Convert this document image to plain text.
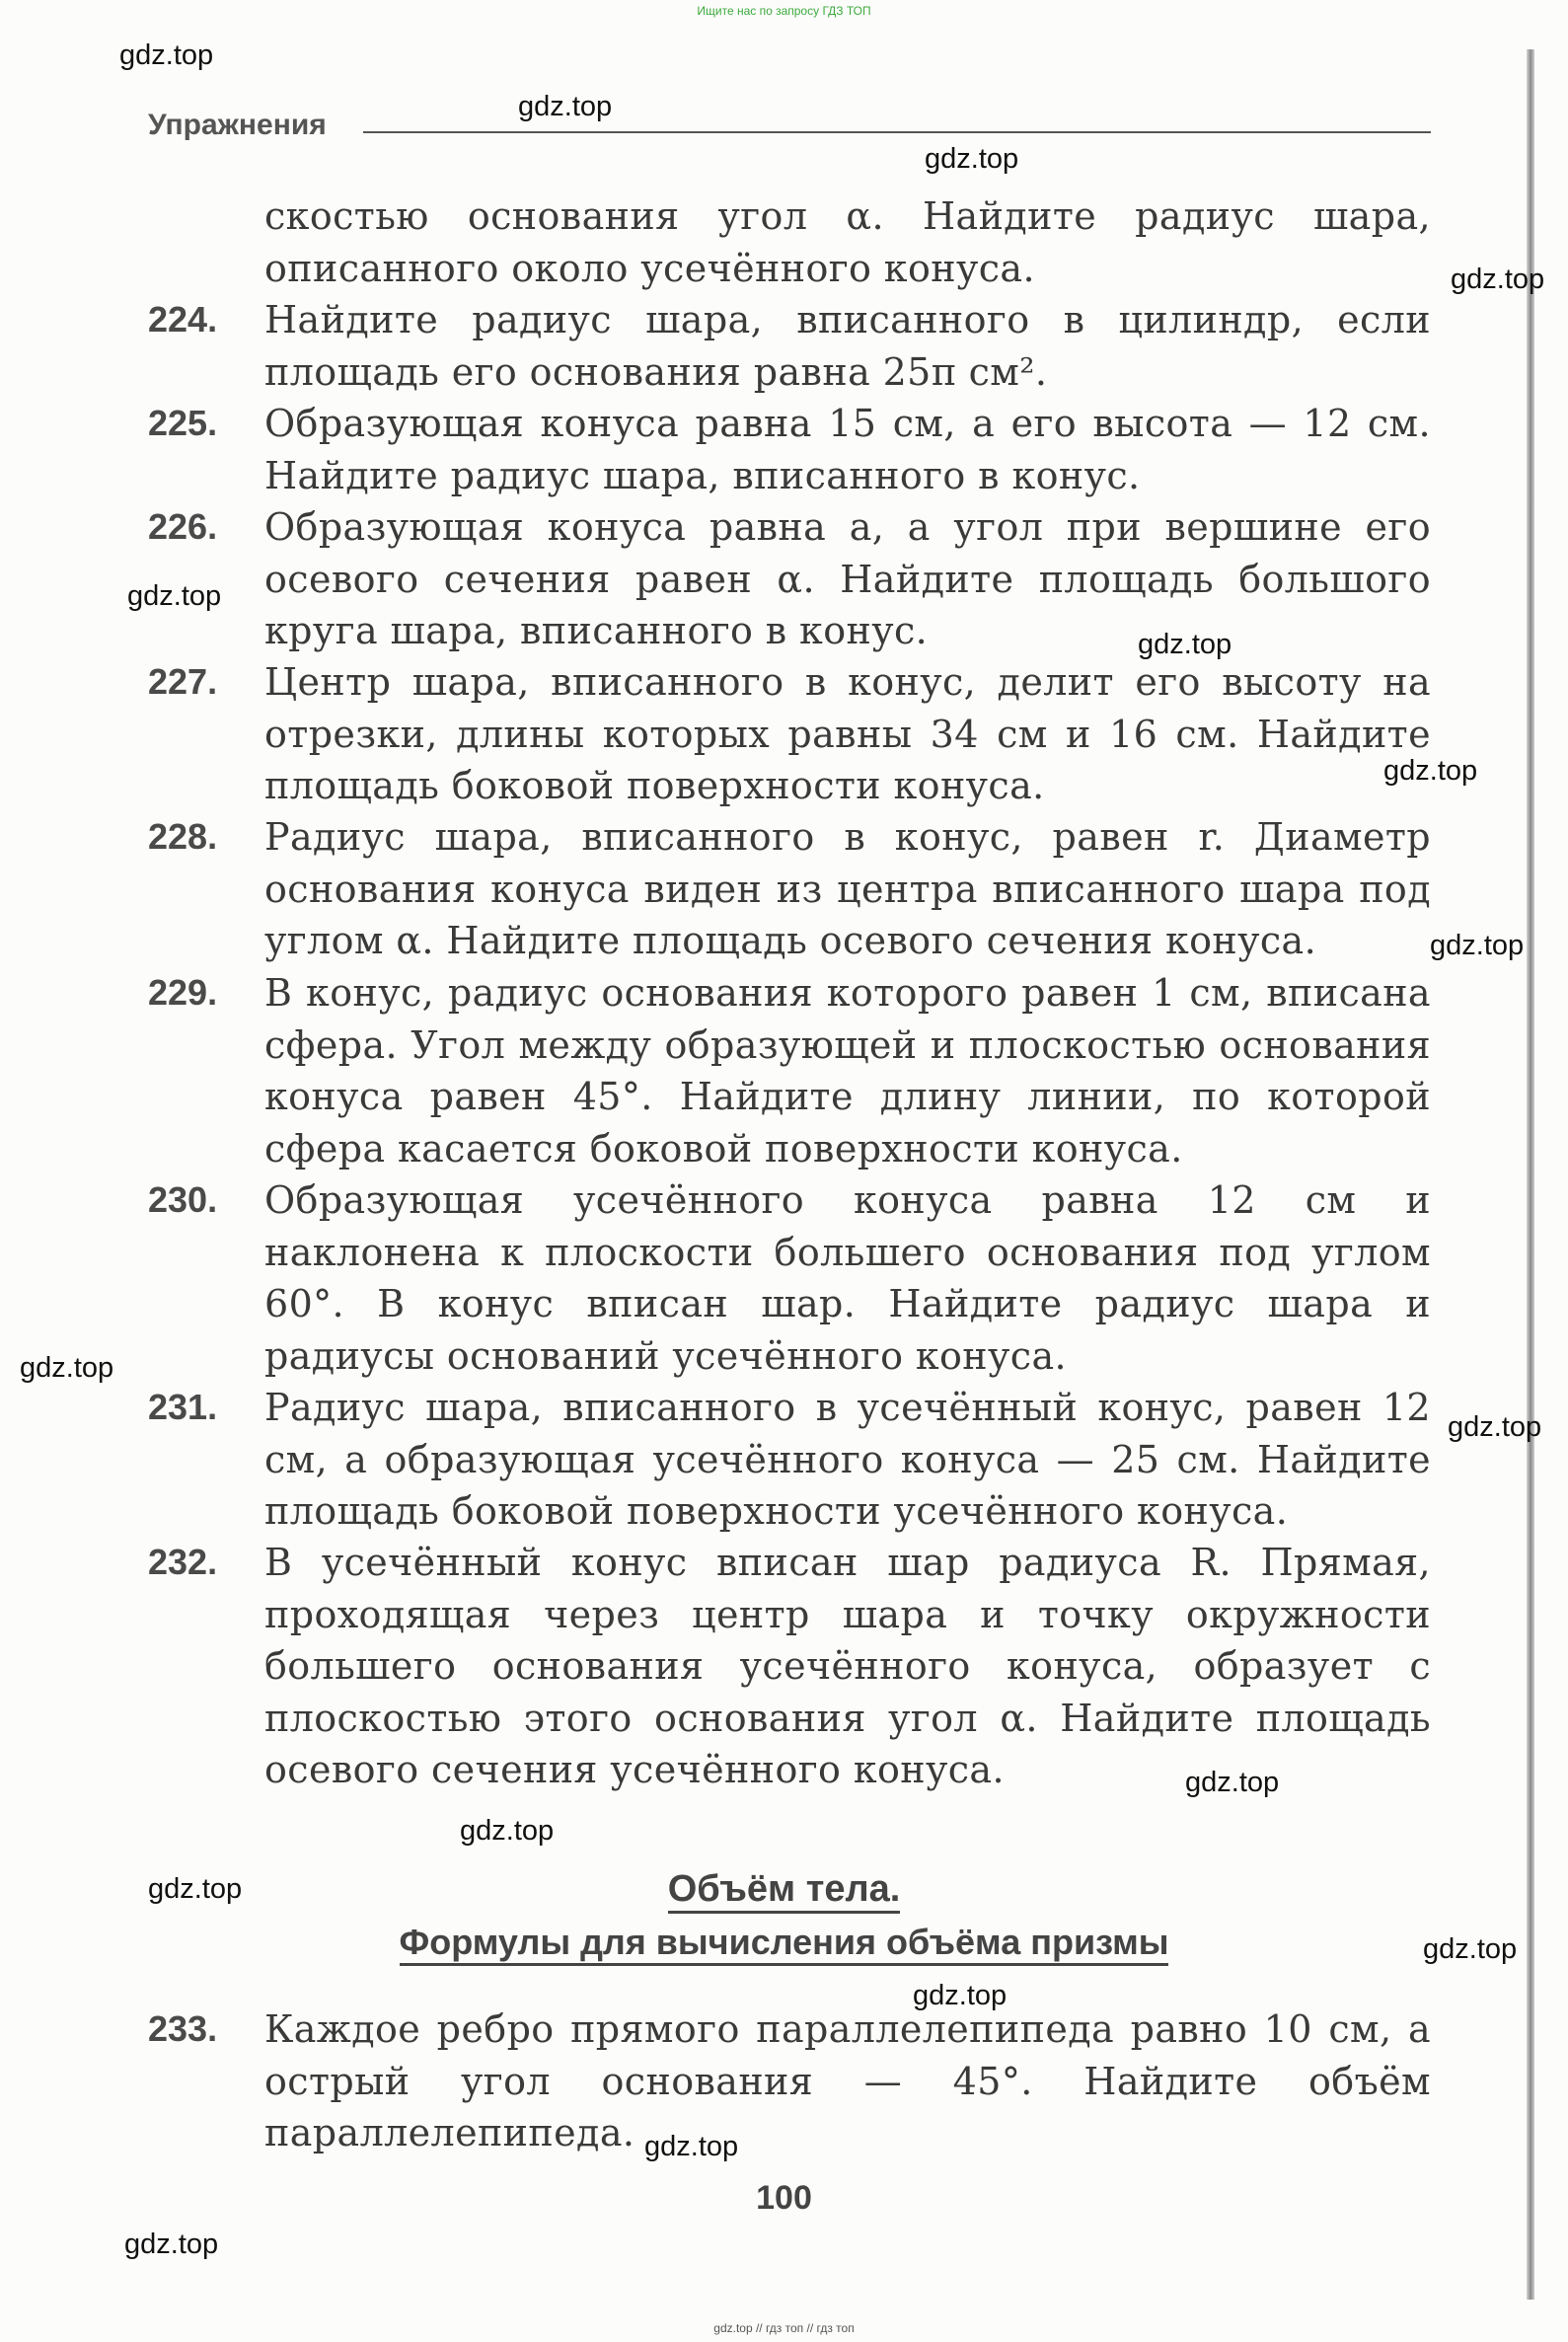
Ищите нас по запросу ГДЗ ТОП
Упражнения
скостью основания угол α. Найдите радиус шара, описанного около усечённого конуса.
224. Найдите радиус шара, вписанного в цилиндр, если площадь его основания равна 25π см².
225. Образующая конуса равна 15 см, а его высота — 12 см. Найдите радиус шара, вписанного в конус.
226. Образующая конуса равна a, а угол при вершине его осевого сечения равен α. Найдите площадь большого круга шара, вписанного в конус.
227. Центр шара, вписанного в конус, делит его высоту на отрезки, длины которых равны 34 см и 16 см. Найдите площадь боковой поверхности конуса.
228. Радиус шара, вписанного в конус, равен r. Диаметр основания конуса виден из центра вписанного шара под углом α. Найдите площадь осевого сечения конуса.
229. В конус, радиус основания которого равен 1 см, вписана сфера. Угол между образующей и плоскостью основания конуса равен 45°. Найдите длину линии, по которой сфера касается боковой поверхности конуса.
230. Образующая усечённого конуса равна 12 см и наклонена к плоскости большего основания под углом 60°. В конус вписан шар. Найдите радиус шара и радиусы оснований усечённого конуса.
231. Радиус шара, вписанного в усечённый конус, равен 12 см, а образующая усечённого конуса — 25 см. Найдите площадь боковой поверхности усечённого конуса.
232. В усечённый конус вписан шар радиуса R. Прямая, проходящая через центр шара и точку окружности большего основания усечённого конуса, образует с плоскостью этого основания угол α. Найдите площадь осевого сечения усечённого конуса.
Объём тела.
Формулы для вычисления объёма призмы
233. Каждое ребро прямого параллелепипеда равно 10 см, а острый угол основания — 45°. Найдите объём параллелепипеда.
100
gdz.top // гдз топ // гдз топ
gdz.top
gdz.top
gdz.top
gdz.top
gdz.top
gdz.top
gdz.top
gdz.top
gdz.top
gdz.top
gdz.top
gdz.top
gdz.top
gdz.top
gdz.top
gdz.top
gdz.top
